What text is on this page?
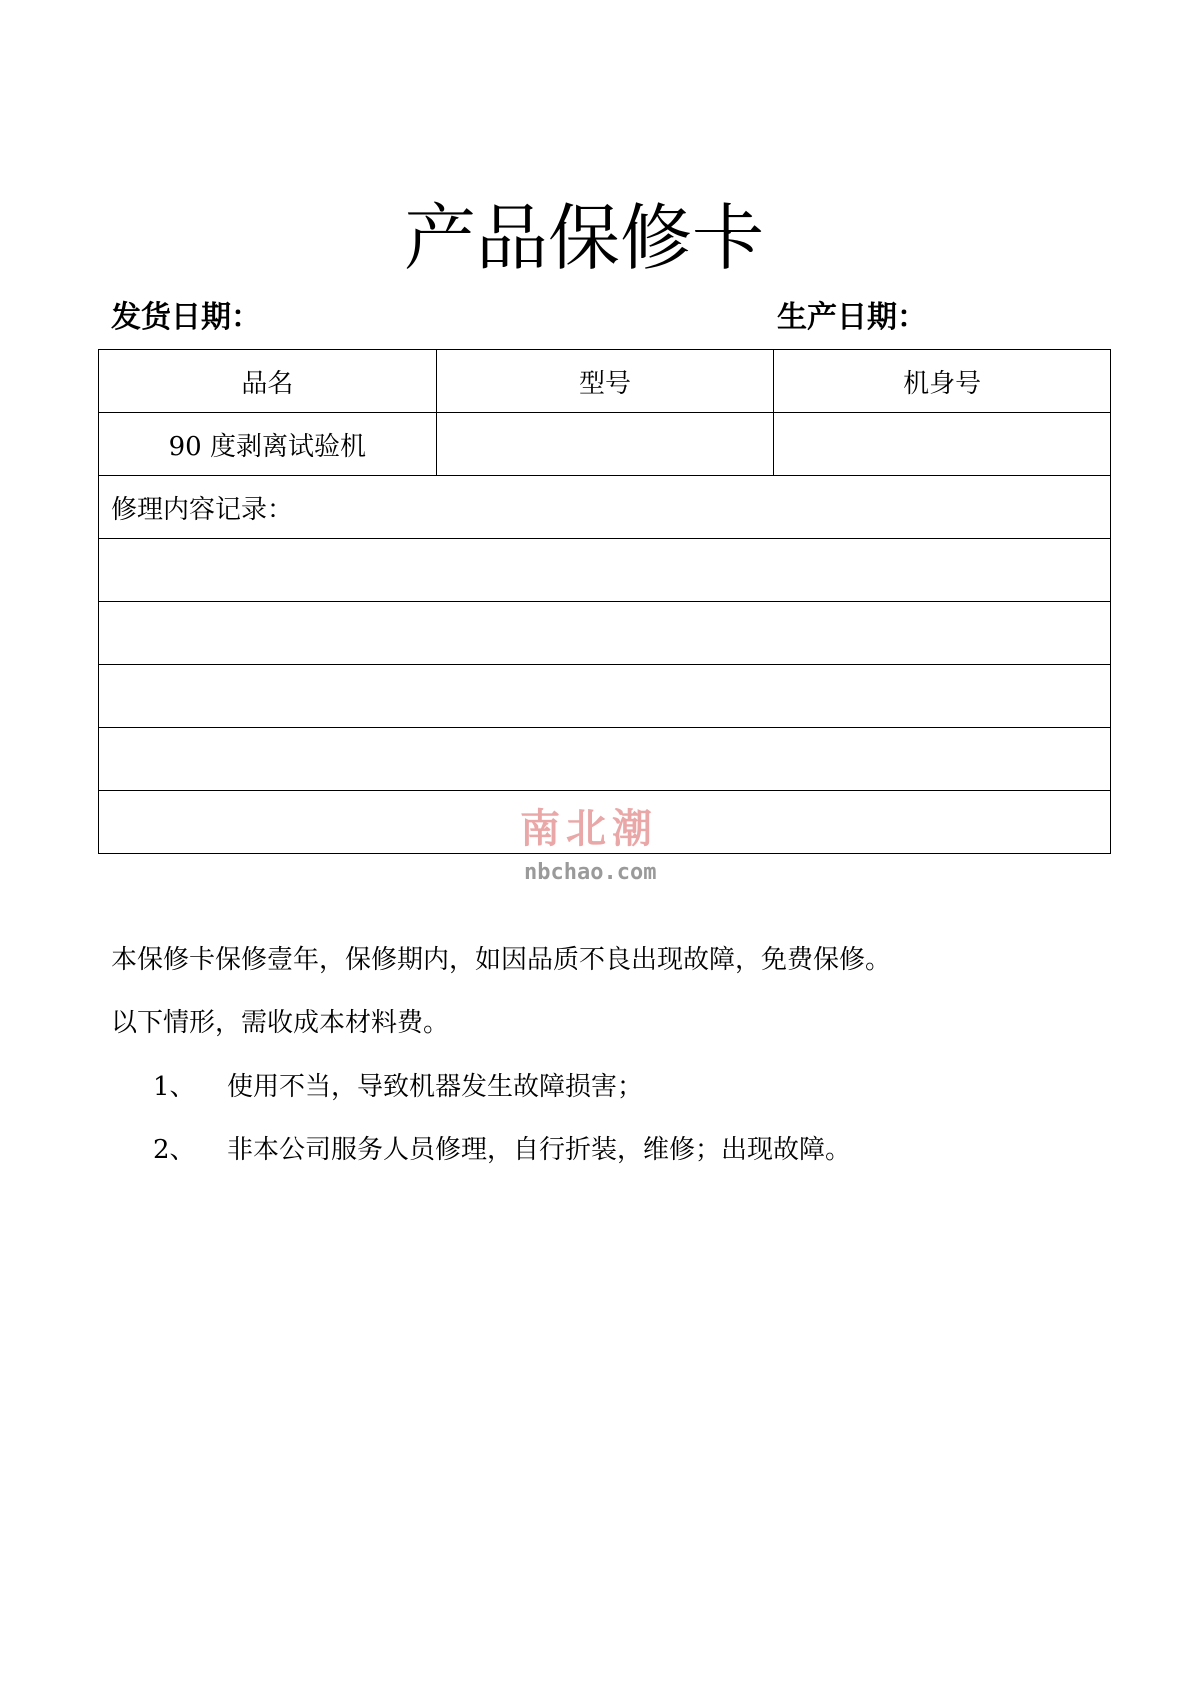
产品保修卡
发货日期：	生产日期：
品名	型号	机身号
90 度剥离试验机		
修理内容记录：		

南北潮
nbchao.com
本保修卡保修壹年，保修期内，如因品质不良出现故障，免费保修。
以下情形，需收成本材料费。
1、 使用不当，导致机器发生故障损害；
2、 非本公司服务人员修理，自行折装，维修；出现故障。
